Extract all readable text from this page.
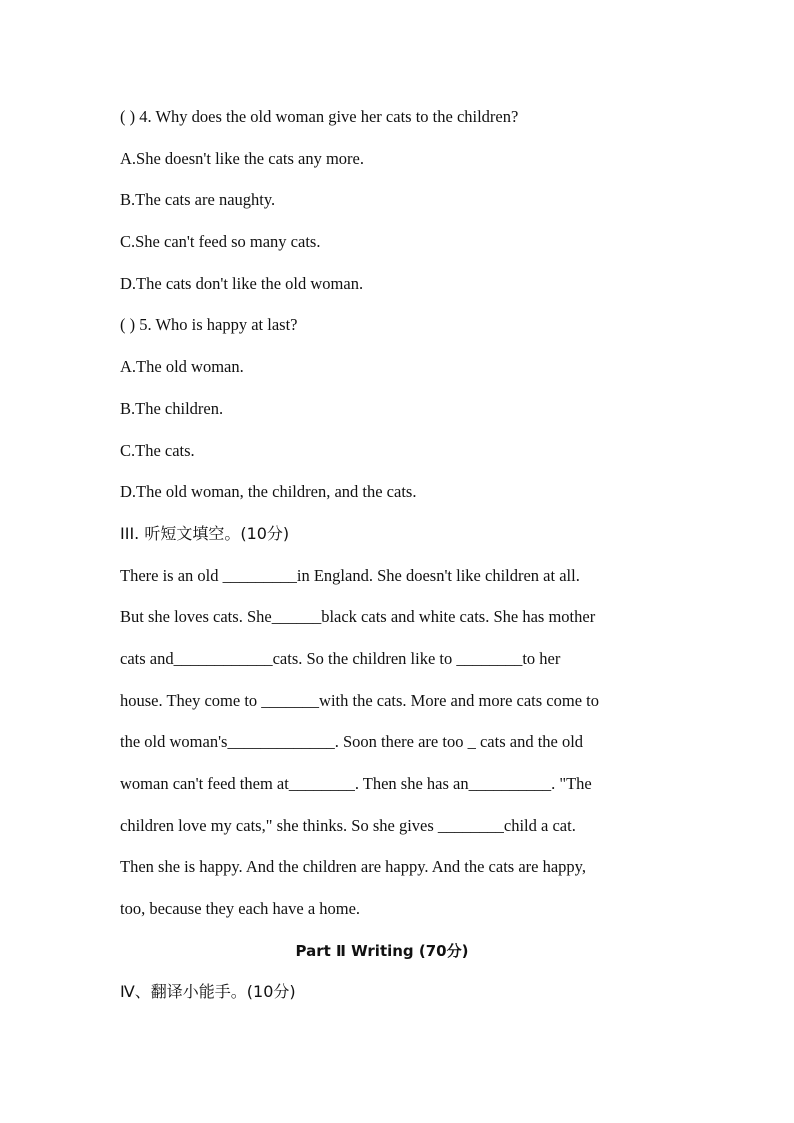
( ) 4. Why does the old woman give her cats to the children?
A.She doesn't like the cats any more.
B.The cats are naughty.
C.She can't feed so many cats.
D.The cats don't like the old woman.
( ) 5. Who is happy at last?
A.The old woman.
B.The children.
C.The cats.
D.The old woman, the children, and the cats.
III. 听短文填空。(10分)
There is an old _________in England. She doesn't like children at all.
But she loves cats. She______black cats and white cats. She has mother
cats and____________cats. So the children like to ________to her
house. They come to _______with the cats. More and more cats come to
the old woman's_____________. Soon there are too _ cats and the old
woman can't feed them at________. Then she has an__________. "The
children love my cats," she thinks. So she gives ________child a cat.
Then she is happy. And the children are happy. And the cats are happy,
too, because they each have a home.
Part Ⅱ Writing (70分)
Ⅳ、翻译小能手。(10分)
